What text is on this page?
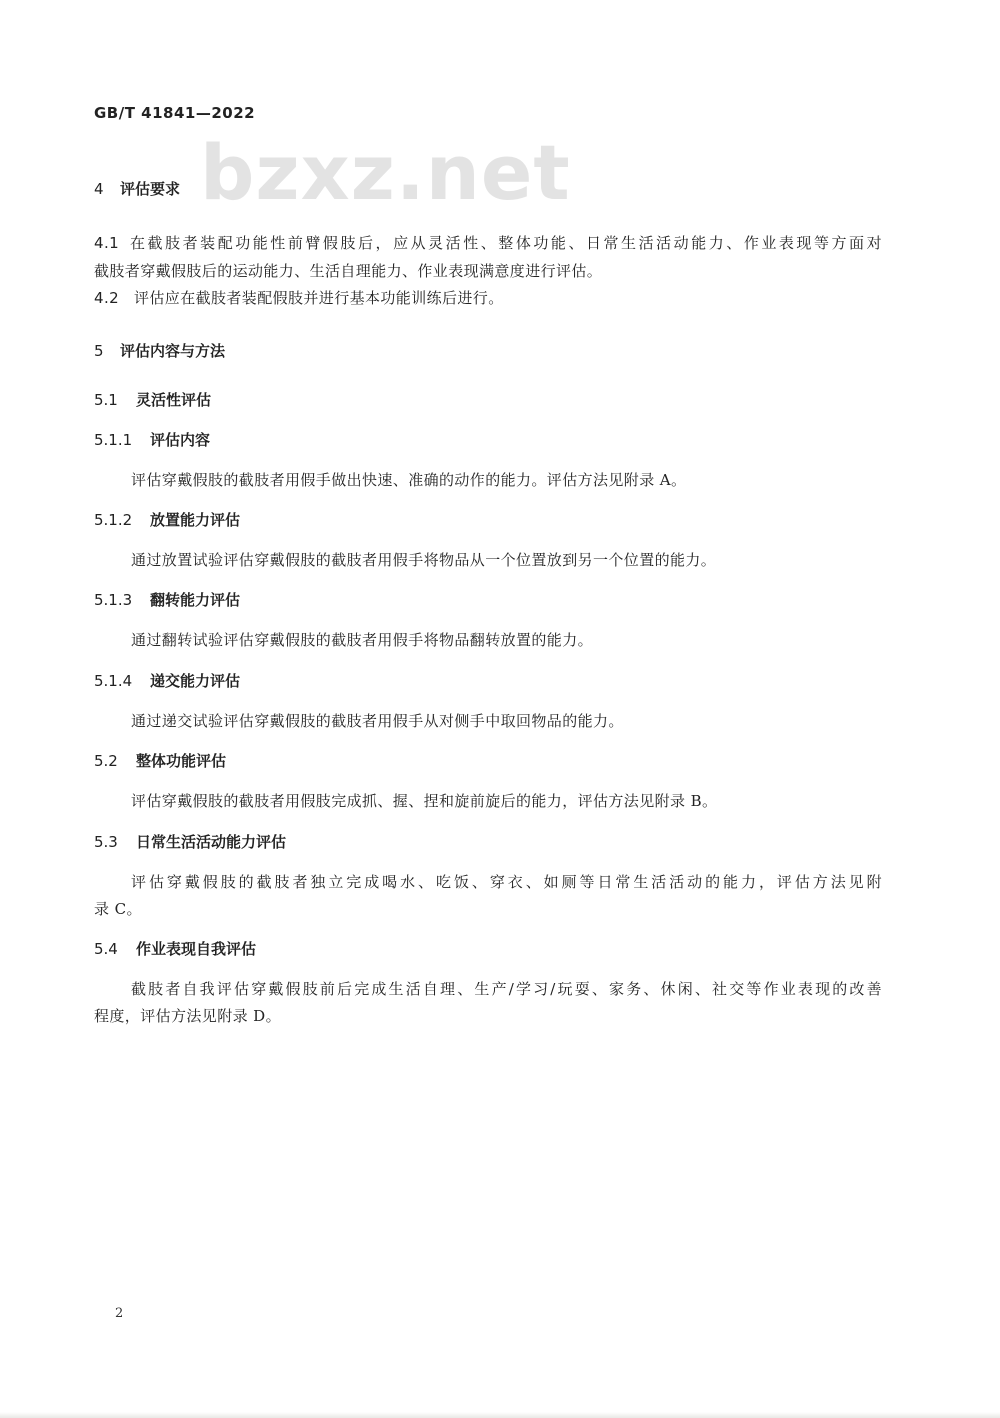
GB/T 41841—2022
bzxz.net
4 评估要求
4.1 在截肢者装配功能性前臂假肢后，应从灵活性、整体功能、日常生活活动能力、作业表现等方面对
截肢者穿戴假肢后的运动能力、生活自理能力、作业表现满意度进行评估。
4.2 评估应在截肢者装配假肢并进行基本功能训练后进行。
5 评估内容与方法
5.1 灵活性评估
5.1.1 评估内容
评估穿戴假肢的截肢者用假手做出快速、准确的动作的能力。评估方法见附录 A。
5.1.2 放置能力评估
通过放置试验评估穿戴假肢的截肢者用假手将物品从一个位置放到另一个位置的能力。
5.1.3 翻转能力评估
通过翻转试验评估穿戴假肢的截肢者用假手将物品翻转放置的能力。
5.1.4 递交能力评估
通过递交试验评估穿戴假肢的截肢者用假手从对侧手中取回物品的能力。
5.2 整体功能评估
评估穿戴假肢的截肢者用假肢完成抓、握、捏和旋前旋后的能力，评估方法见附录 B。
5.3 日常生活活动能力评估
评估穿戴假肢的截肢者独立完成喝水、吃饭、穿衣、如厕等日常生活活动的能力，评估方法见附
录 C。
5.4 作业表现自我评估
截肢者自我评估穿戴假肢前后完成生活自理、生产/学习/玩耍、家务、休闲、社交等作业表现的改善
程度，评估方法见附录 D。
2
